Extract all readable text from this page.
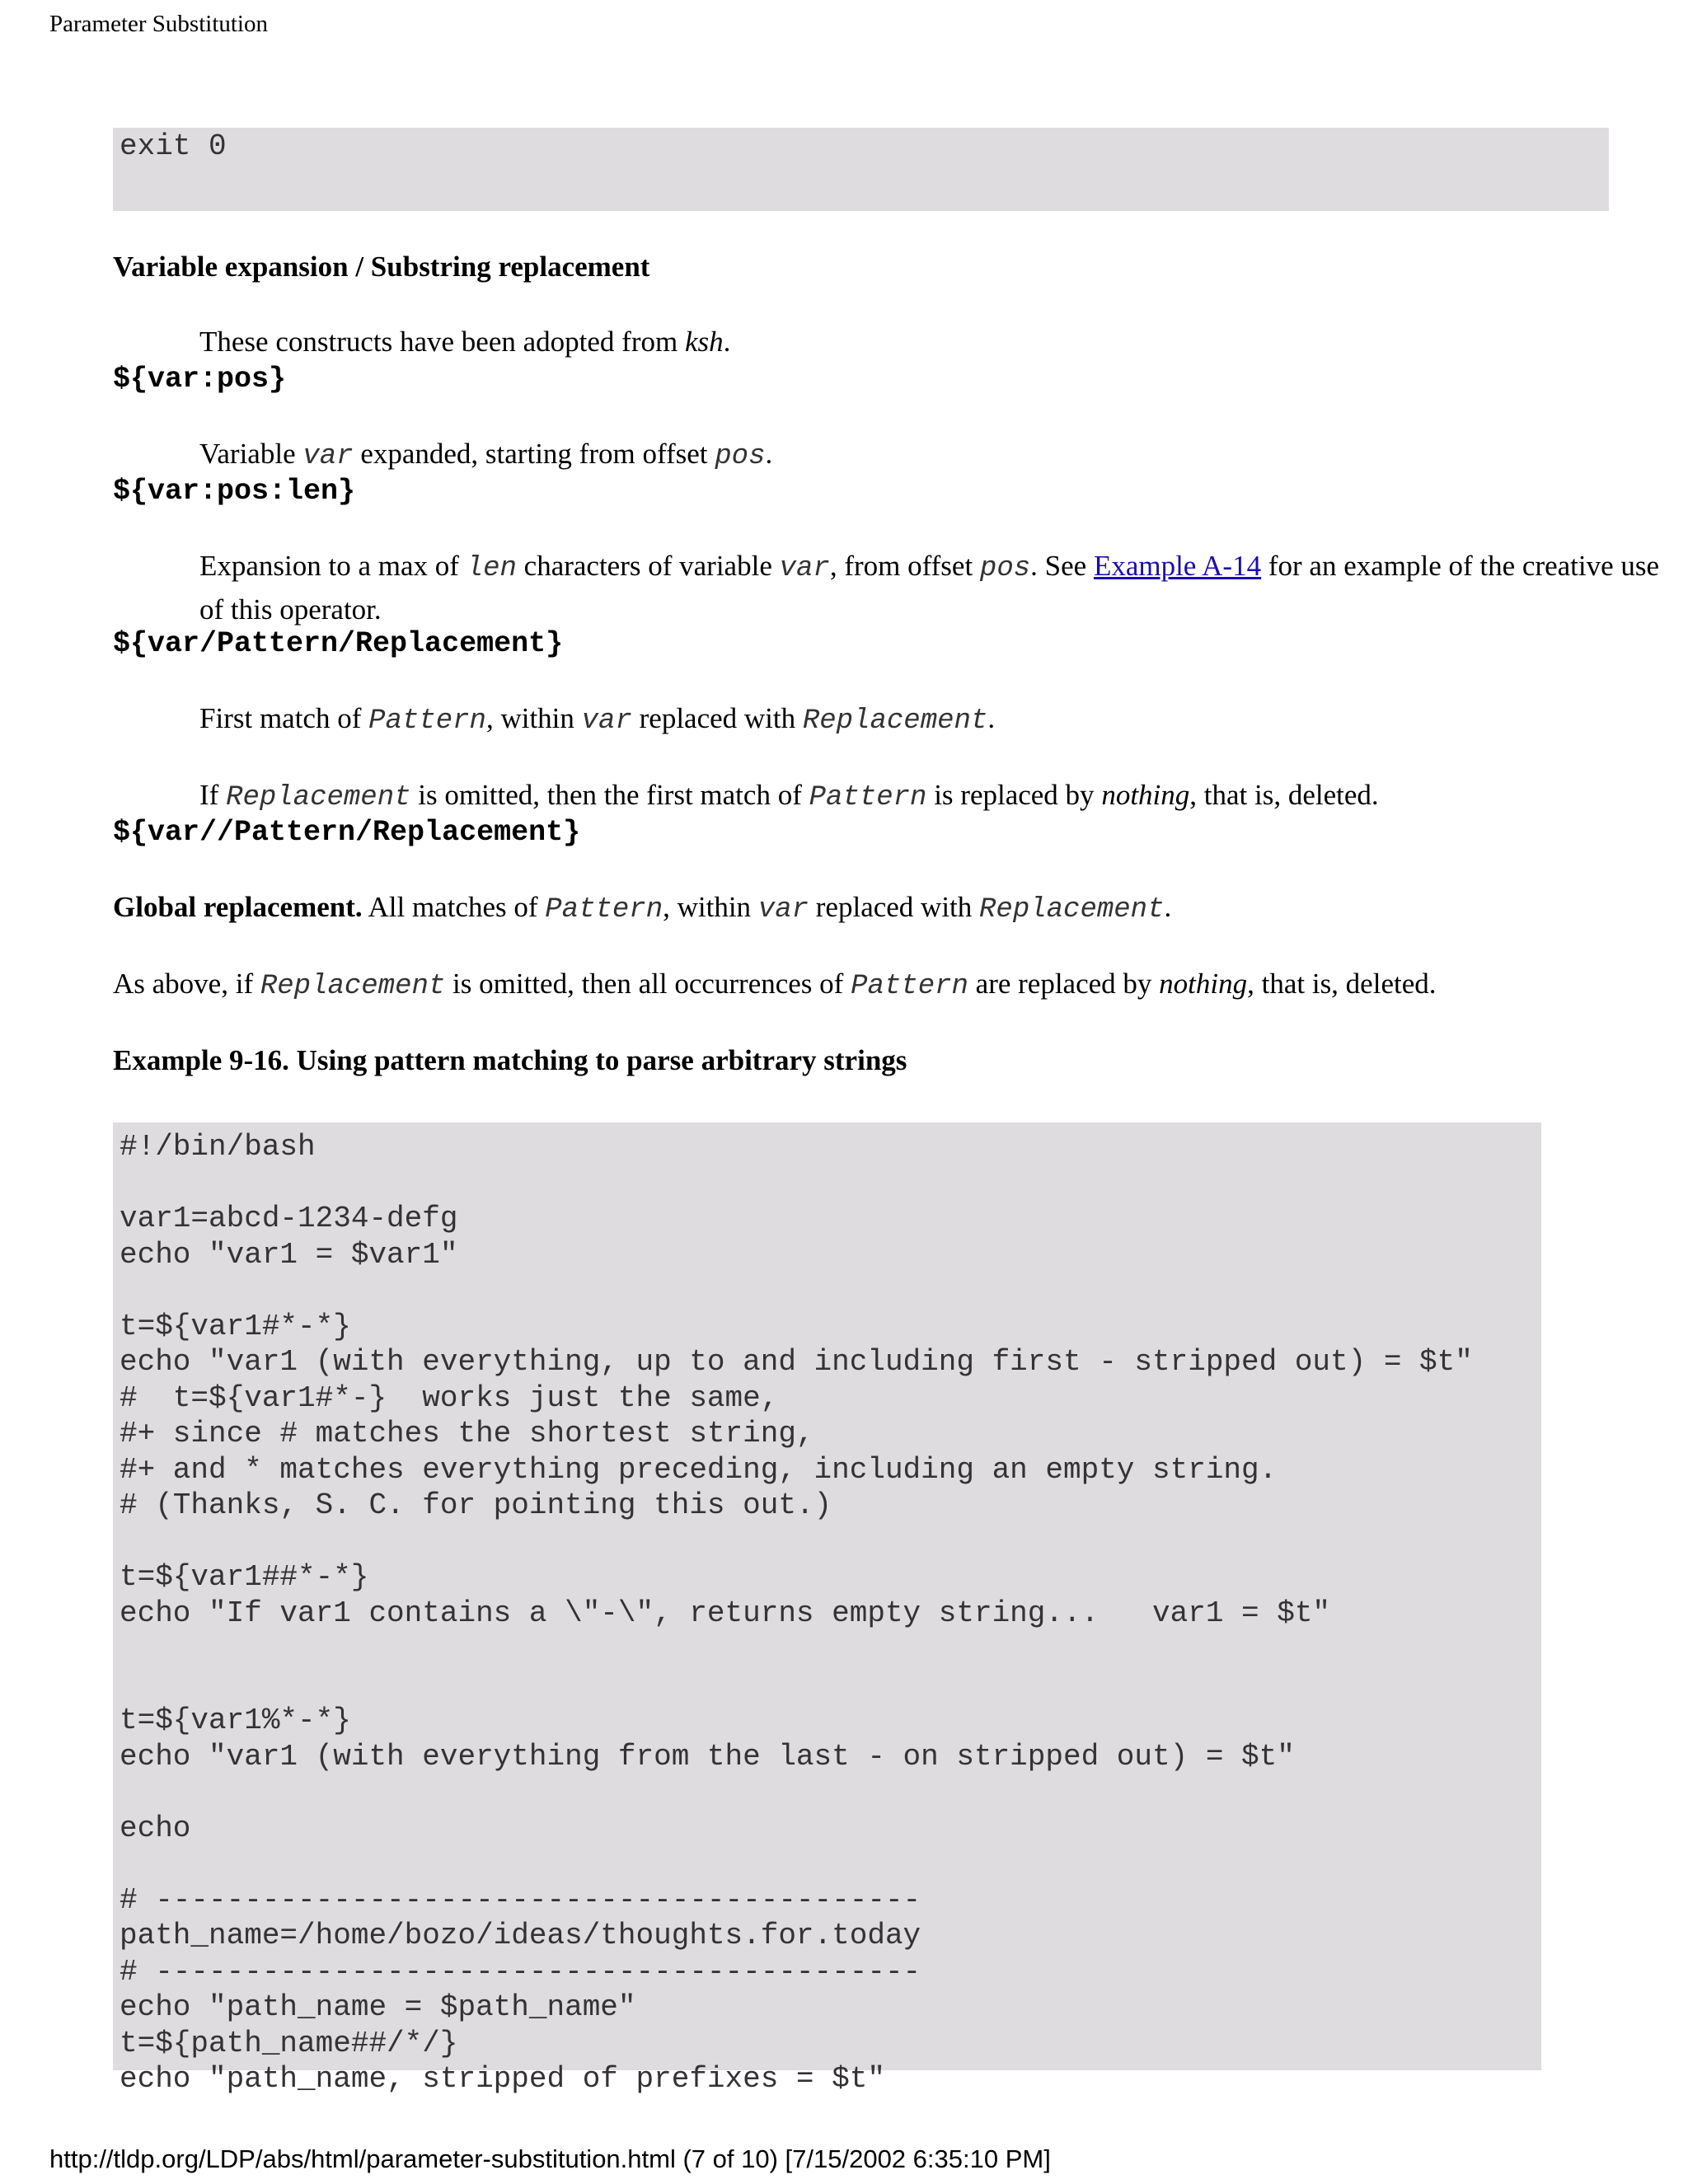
Parameter Substitution
exit 0
Variable expansion / Substring replacement
These constructs have been adopted from ksh.
${var:pos}
Variable var expanded, starting from offset pos.
${var:pos:len}
Expansion to a max of len characters of variable var, from offset pos. See Example A-14 for an example of the creative use of this operator.
${var/Pattern/Replacement}
First match of Pattern, within var replaced with Replacement.
If Replacement is omitted, then the first match of Pattern is replaced by nothing, that is, deleted.
${var//Pattern/Replacement}
Global replacement. All matches of Pattern, within var replaced with Replacement.
As above, if Replacement is omitted, then all occurrences of Pattern are replaced by nothing, that is, deleted.
Example 9-16. Using pattern matching to parse arbitrary strings
#!/bin/bash

var1=abcd-1234-defg
echo "var1 = $var1"

t=${var1#*-*}
echo "var1 (with everything, up to and including first - stripped out) = $t"
#  t=${var1#*-}  works just the same,
#+ since # matches the shortest string,
#+ and * matches everything preceding, including an empty string.
# (Thanks, S. C. for pointing this out.)

t=${var1##*-*}
echo "If var1 contains a \"-\", returns empty string...   var1 = $t"

t=${var1%*-*}
echo "var1 (with everything from the last - on stripped out) = $t"

echo

# -------------------------------------------
path_name=/home/bozo/ideas/thoughts.for.today
# -------------------------------------------
echo "path_name = $path_name"
t=${path_name##/*/}
echo "path_name, stripped of prefixes = $t"
http://tldp.org/LDP/abs/html/parameter-substitution.html (7 of 10) [7/15/2002 6:35:10 PM]
